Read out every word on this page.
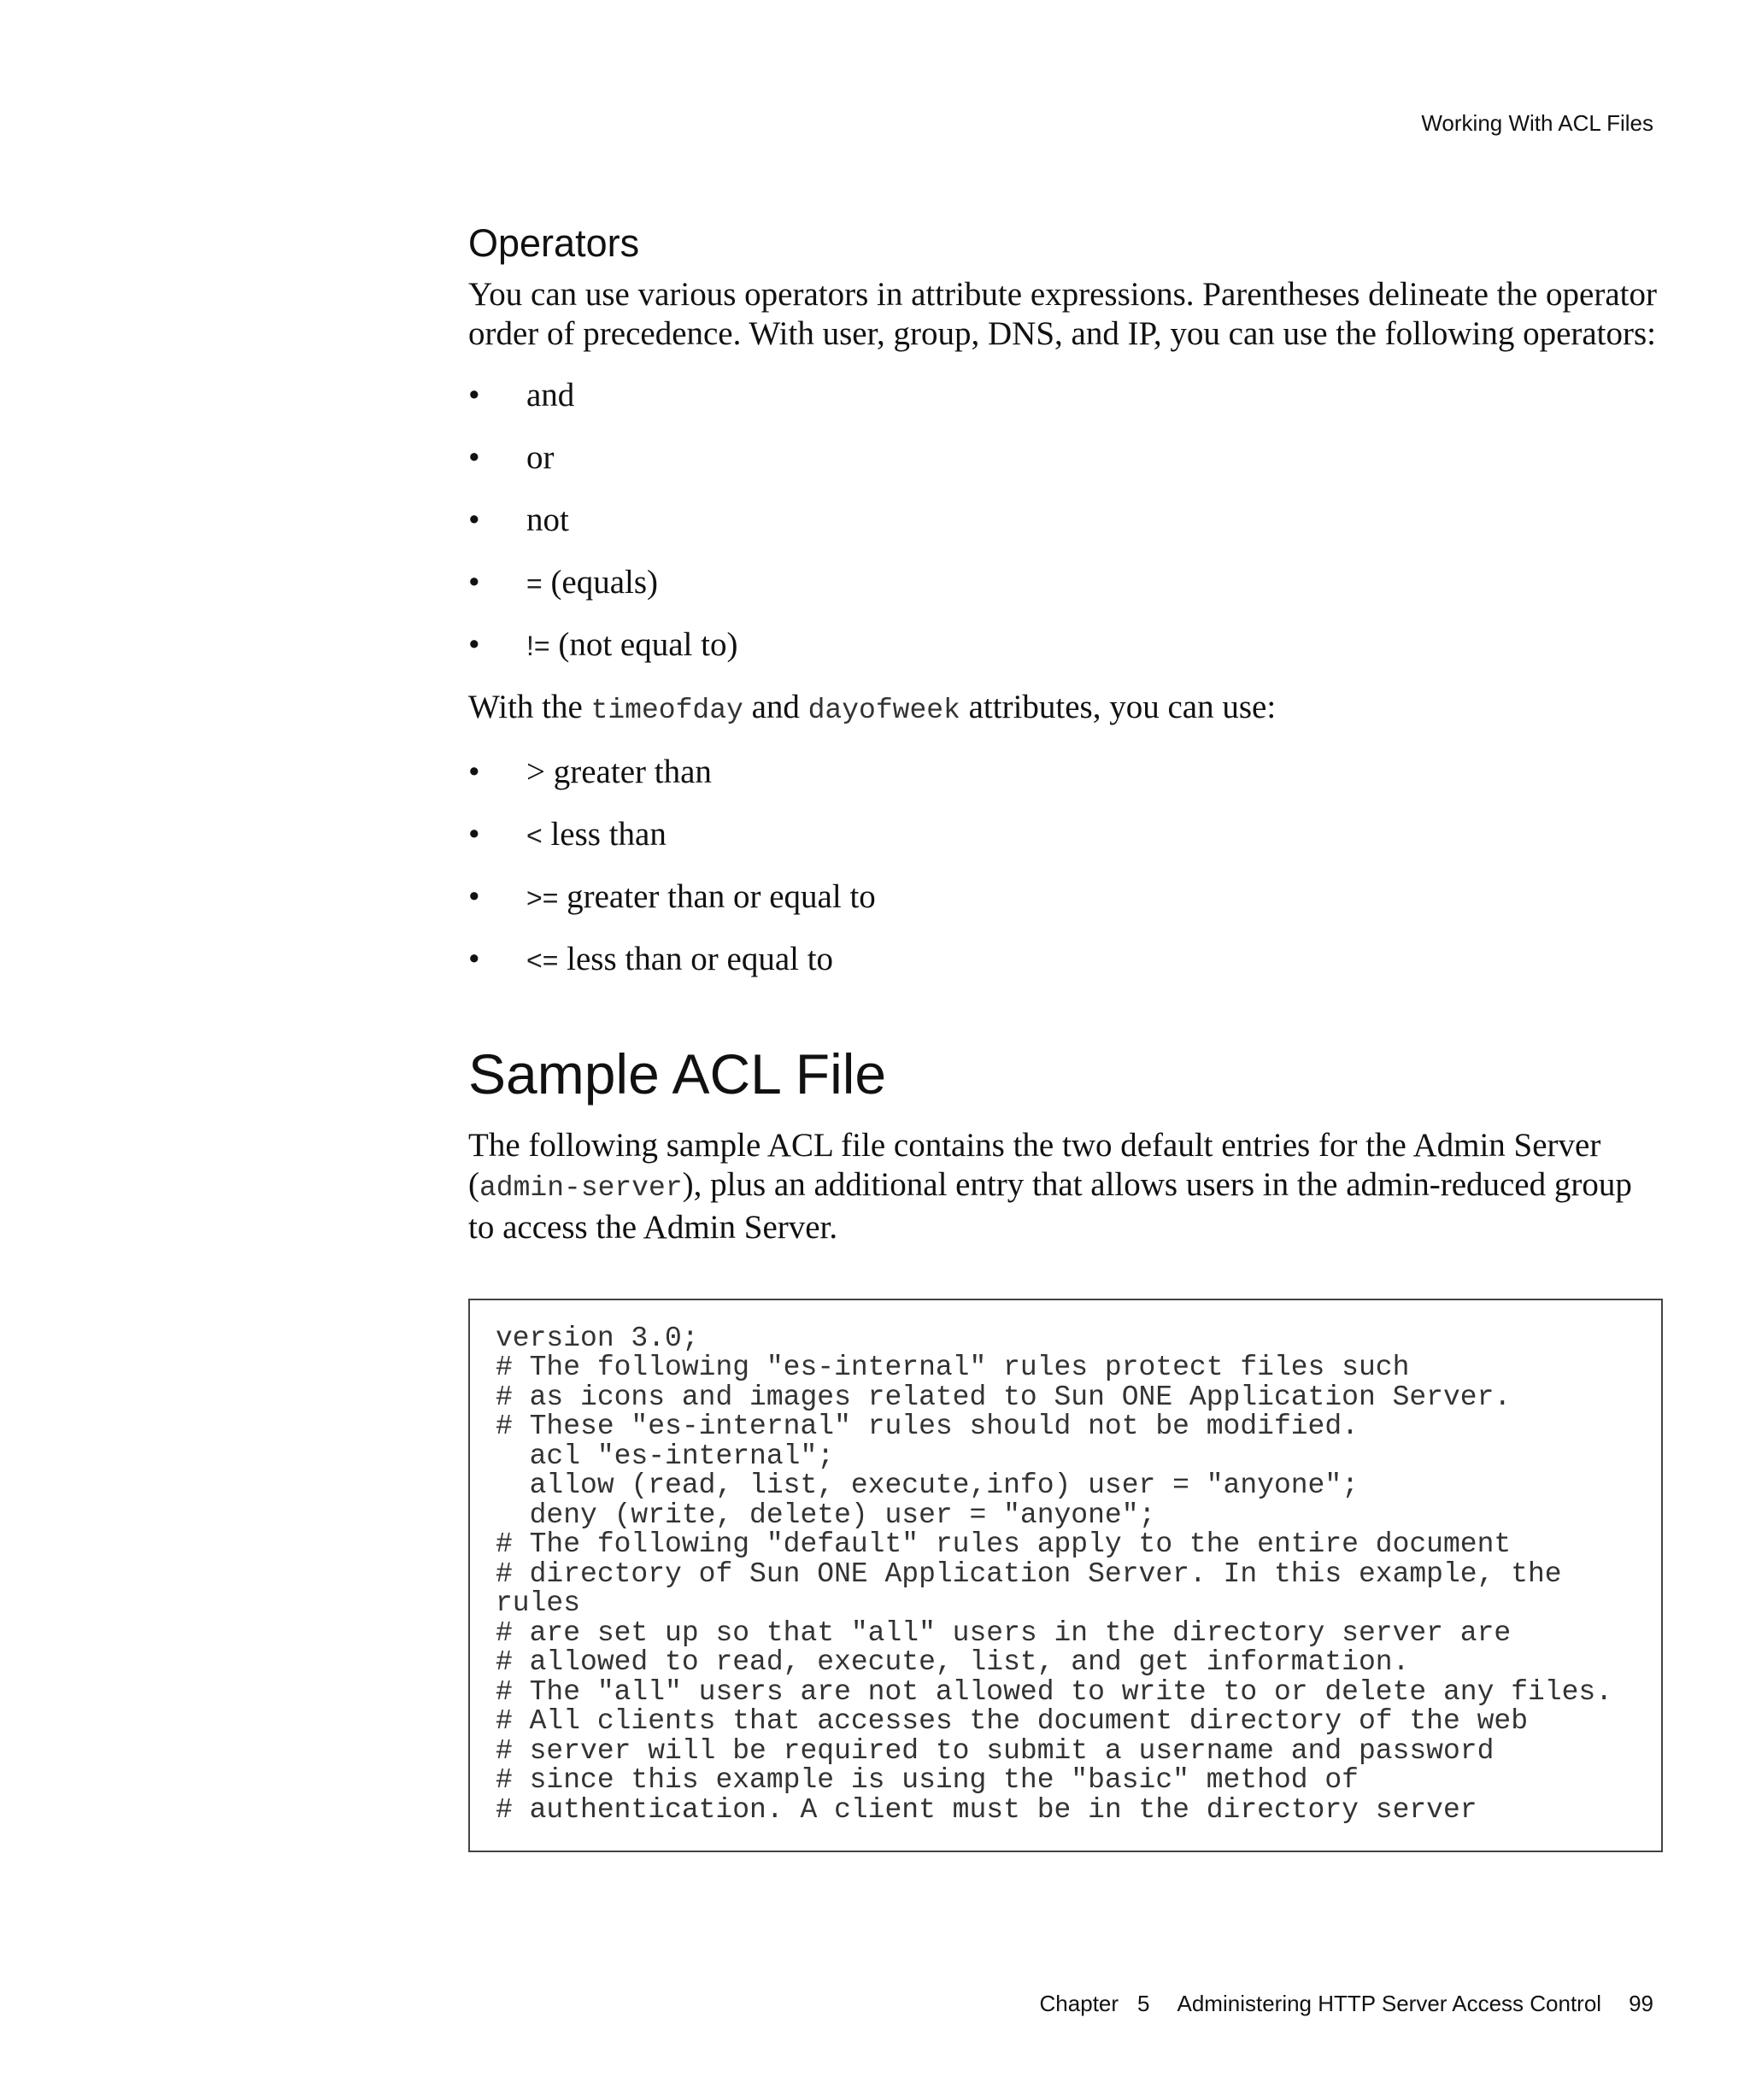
Working With ACL Files
Operators

You can use various operators in attribute expressions. Parentheses delineate the operator order of precedence. With user, group, DNS, and IP, you can use the following operators:

• and
• or
• not
• = (equals)
• != (not equal to)

With the timeofday and dayofweek attributes, you can use:

• > greater than
• < less than
• >= greater than or equal to
• <= less than or equal to
Sample ACL File

The following sample ACL file contains the two default entries for the Admin Server (admin-server), plus an additional entry that allows users in the admin-reduced group to access the Admin Server.

version 3.0;
# The following "es-internal" rules protect files such
# as icons and images related to Sun ONE Application Server.
# These "es-internal" rules should not be modified.
acl "es-internal";
allow (read, list, execute,info) user = "anyone";
deny (write, delete) user = "anyone";
# The following "default" rules apply to the entire document
# directory of Sun ONE Application Server. In this example, the
rules
# are set up so that "all" users in the directory server are
# allowed to read, execute, list, and get information.
# The "all" users are not allowed to write to or delete any files.
# All clients that accesses the document directory of the web
# server will be required to submit a username and password
# since this example is using the "basic" method of
# authentication. A client must be in the directory server
Chapter 5 Administering HTTP Server Access Control 99
